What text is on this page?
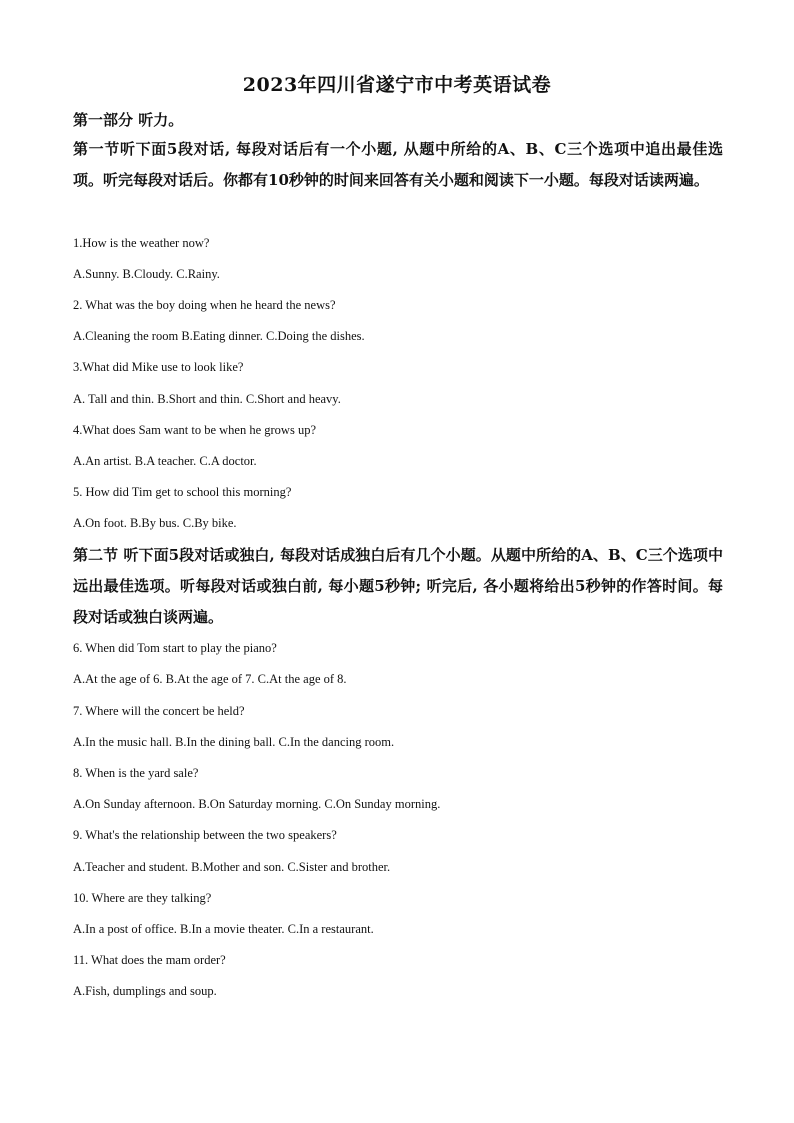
2023年四川省遂宁市中考英语试卷
第一部分 听力。
第一节听下面5段对话, 每段对话后有一个小题, 从题中所给的A、B、C三个选项中追出最佳选项。听完每段对话后。你都有10秒钟的时间来回答有关小题和阅读下一小题。每段对话读两遍。
1.How is the weather now?
A.Sunny. B.Cloudy. C.Rainy.
2. What was the boy doing when he heard the news?
A.Cleaning the room B.Eating dinner. C.Doing the dishes.
3.What did Mike use to look like?
A. Tall and thin. B.Short and thin. C.Short and heavy.
4.What does Sam want to be when he grows up?
A.An artist. B.A teacher. C.A doctor.
5. How did Tim get to school this morning?
A.On foot. B.By bus. C.By bike.
第二节 听下面5段对话或独白, 每段对话成独白后有几个小题。从题中所给的A、B、C三个选项中远出最佳选项。听每段对话或独白前, 每小题5秒钟; 听完后, 各小题将给出5秒钟的作答时间。每段对话或独白谈两遍。
6. When did Tom start to play the piano?
A.At the age of 6. B.At the age of 7. C.At the age of 8.
7. Where will the concert be held?
A.In the music hall. B.In the dining ball. C.In the dancing room.
8. When is the yard sale?
A.On Sunday afternoon. B.On Saturday morning. C.On Sunday morning.
9. What's the relationship between the two speakers?
A.Teacher and student. B.Mother and son. C.Sister and brother.
10. Where are they talking?
A.In a post of office. B.In a movie theater. C.In a restaurant.
11. What does the mam order?
A.Fish, dumplings and soup.
